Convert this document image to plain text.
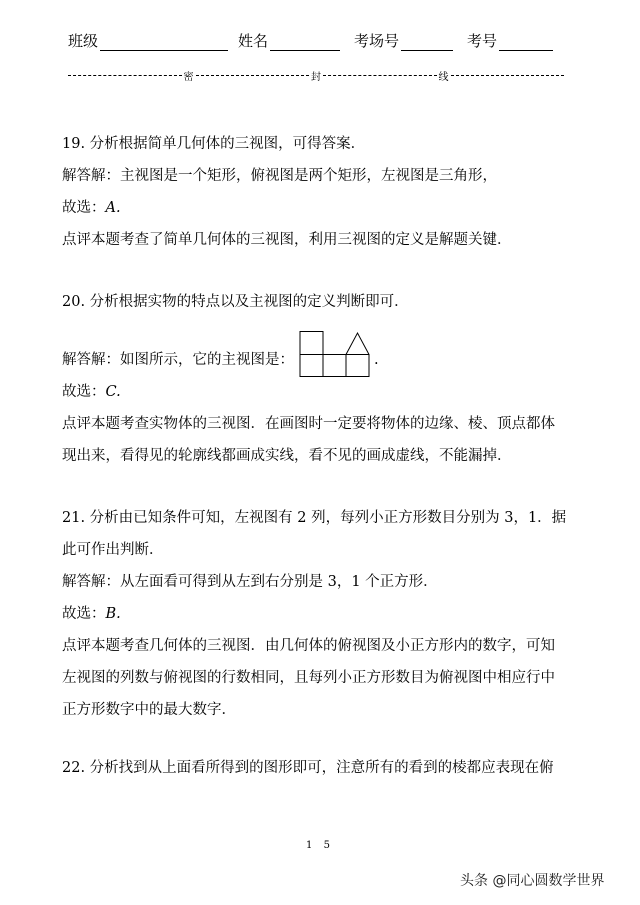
班级	姓名	考场号	考号
密	封	线

19. 分析根据简单几何体的三视图，可得答案．

解答解：主视图是一个矩形，俯视图是两个矩形，左视图是三角形，

故选：A.

点评本题考查了简单几何体的三视图，利用三视图的定义是解题关键．

20. 分析根据实物的特点以及主视图的定义判断即可．

解答解：如图所示，它的主视图是：	.

故选：C.

点评本题考查实物体的三视图．在画图时一定要将物体的边缘、棱、顶点都体

现出来，看得见的轮廓线都画成实线，看不见的画成虚线，不能漏掉．

21. 分析由已知条件可知，左视图有 2 列，每列小正方形数目分别为 3，1．据

此可作出判断．

解答解：从左面看可得到从左到右分别是 3，1 个正方形．

故选：B.

点评本题考查几何体的三视图．由几何体的俯视图及小正方形内的数字，可知

左视图的列数与俯视图的行数相同，且每列小正方形数目为俯视图中相应行中

正方形数字中的最大数字．

22. 分析找到从上面看所得到的图形即可，注意所有的看到的棱都应表现在俯

1 5
头条 @同心圆数学世界
